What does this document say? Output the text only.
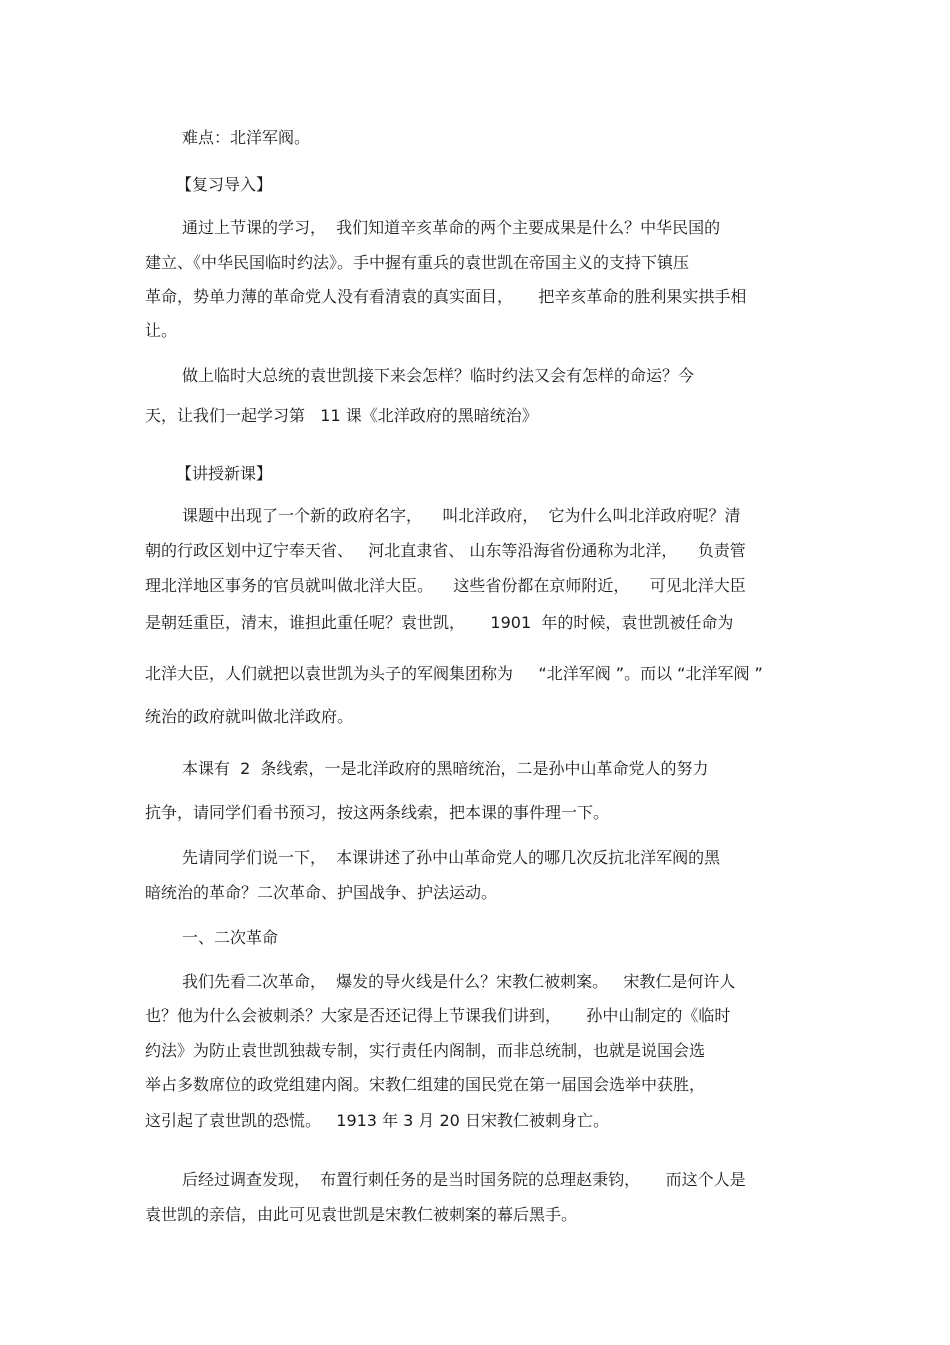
难点：北洋军阀。
【复习导入】
通过上节课的学习，  我们知道辛亥革命的两个主要成果是什么？中华民国的
建立、《中华民国临时约法》。手中握有重兵的袁世凯在帝国主义的支持下镇压
革命，势单力薄的革命党人没有看清袁的真实面目，     把辛亥革命的胜利果实拱手相
让。
做上临时大总统的袁世凯接下来会怎样？临时约法又会有怎样的命运？今
天，让我们一起学习第   11 课《北洋政府的黑暗统治》
【讲授新课】
课题中出现了一个新的政府名字，    叫北洋政府，  它为什么叫北洋政府呢？清
朝的行政区划中辽宁奉天省、   河北直隶省、 山东等沿海省份通称为北洋，    负责管
理北洋地区事务的官员就叫做北洋大臣。    这些省份都在京师附近，    可见北洋大臣
是朝廷重臣，清末，谁担此重任呢？袁世凯，     1901  年的时候，袁世凯被任命为
北洋大臣，人们就把以袁世凯为头子的军阀集团称为     “北洋军阀 ”。而以 “北洋军阀 ”
统治的政府就叫做北洋政府。
本课有  2  条线索，一是北洋政府的黑暗统治，二是孙中山革命党人的努力
抗争，请同学们看书预习，按这两条线索，把本课的事件理一下。
先请同学们说一下，  本课讲述了孙中山革命党人的哪几次反抗北洋军阀的黑
暗统治的革命？二次革命、护国战争、护法运动。
一、二次革命
我们先看二次革命，  爆发的导火线是什么？宋教仁被刺案。   宋教仁是何许人
也？他为什么会被刺杀？大家是否还记得上节课我们讲到，     孙中山制定的《临时
约法》为防止袁世凯独裁专制，实行责任内阁制，而非总统制，也就是说国会选
举占多数席位的政党组建内阁。宋教仁组建的国民党在第一届国会选举中获胜，
这引起了袁世凯的恐慌。   1913 年 3 月 20 日宋教仁被刺身亡。
后经过调查发现，  布置行刺任务的是当时国务院的总理赵秉钧，     而这个人是
袁世凯的亲信，由此可见袁世凯是宋教仁被刺案的幕后黑手。
